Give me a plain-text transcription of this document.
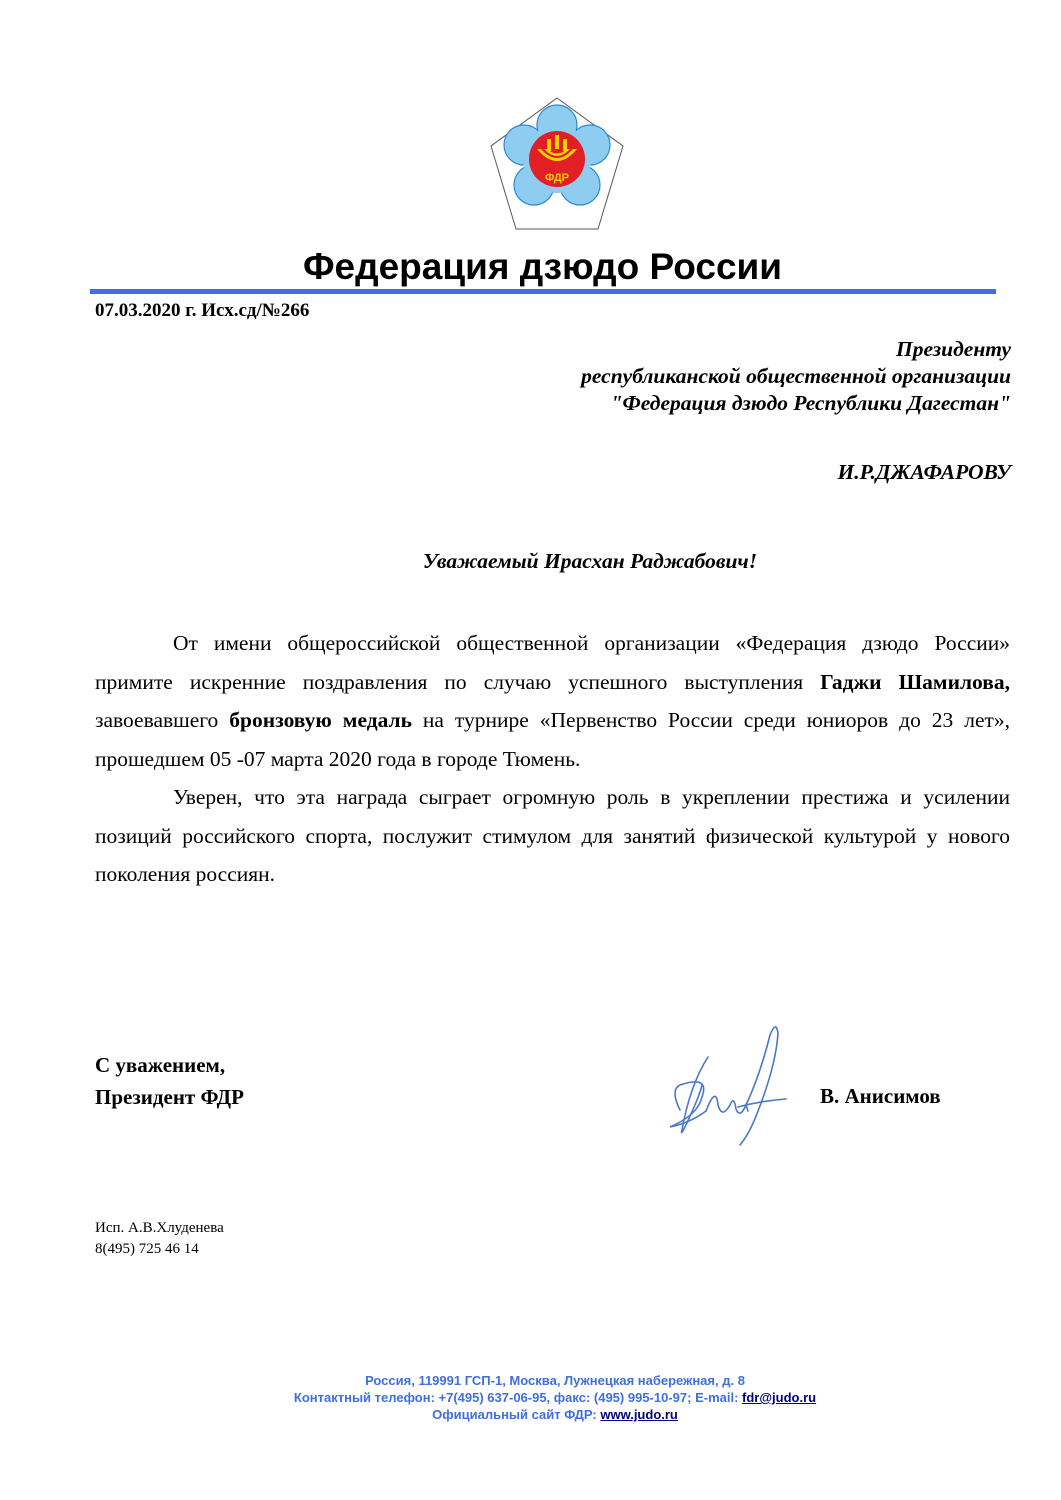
ФДР
Федерация дзюдо России
07.03.2020 г. Исх.сд/№266
Президенту
республиканской общественной организации
"Федерация дзюдо Республики Дагестан"
И.Р.ДЖАФАРОВУ
Уважаемый Ирасхан Раджабович!

От имени общероссийской общественной организации «Федерация дзюдо России» примите искренние поздравления по случаю успешного выступления Гаджи Шамилова, завоевавшего бронзовую медаль на турнире «Первенство России среди юниоров до 23 лет», прошедшем 05 -07 марта 2020 года в городе Тюмень.

Уверен, что эта награда сыграет огромную роль в укреплении престижа и усилении позиций российского спорта, послужит стимулом для занятий физической культурой у нового поколения россиян.

С уважением,
Президент ФДР	В. Анисимов
Исп. А.В.Хлуденева
8(495) 725 46 14
Россия, 119991 ГСП-1, Москва, Лужнецкая набережная, д. 8
Контактный телефон: +7(495) 637-06-95, факс: (495) 995-10-97; E-mail: fdr@judo.ru
Официальный сайт ФДР: www.judo.ru
